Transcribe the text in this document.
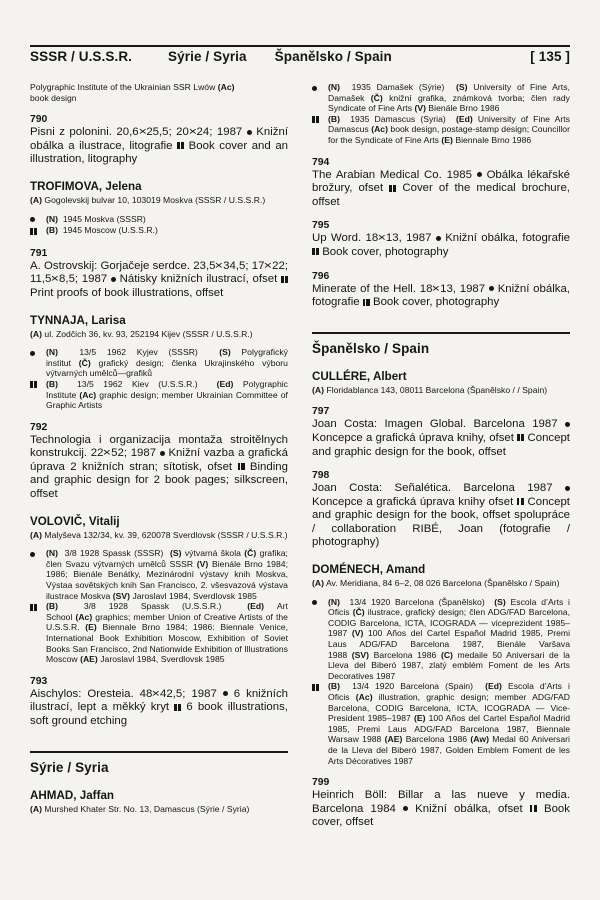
SSSR / U.S.S.R.	Sýrie / Syria Španělsko / Spain	[ 135 ]
Polygraphic Institute of the Ukrainian SSR Lwów (Ac)
book design
790
Pisni z polonini. 20,6×25,5; 20×24; 1987 Knižní obálka a ilustrace, litografie Book cover and an illustration, litography
TROFIMOVA, Jelena
(A) Gogolevskij bulvar 10, 103019 Moskva (SSSR / U.S.S.R.)
(N) 1945 Moskva (SSSR)
(B) 1945 Moscow (U.S.S.R.)
791
A. Ostrovskij: Gorjačeje serdce. 23,5×34,5; 17×22; 11,5×8,5; 1987 Nátisky knižních ilustrací, ofset  Print proofs of book illustrations, offset
TYNNAJA, Larisa
(A) ul. Zodčich 36, kv. 93, 252194 Kijev (SSSR / U.S.S.R.)
(N) 13/5 1962 Kyjev (SSSR) (S) Polygrafický institut (Č) grafický design; členka Ukrajinského výboru výtvarných umělců—grafiků
(B) 13/5 1962 Kiev (U.S.S.R.) (Ed) Polygraphic Institute (Ac) graphic design; member Ukrainian Committee of Graphic Artists
792
Technologia i organizacija montaža stroitělnych konstrukcij. 22×52; 1987 Knižní vazba a grafická úprava 2 knižních stran; sítotisk, ofset Binding and graphic design for 2 book pages; silkscreen, offset
VOLOVIČ, Vitalij
(A) Malyševa 132/34, kv. 39, 620078 Sverdlovsk (SSSR / U.S.S.R.)
(N) 3/8 1928 Spassk (SSSR) (S) výtvarná škola (Č) grafika; člen Svazu výtvarných umělců SSSR (V) Bienále Brno 1984; 1986; Bienále Benátky, Mezinárodní výstavy knih Moskva, Výstaa sovětských knih San Francisco, 2. všesvazová výstava ilustrace Moskva (SV) Jaroslavl 1984, Sverdlovsk 1985
(B)	3/8 1928 Spassk (U.S.S.R.)	(Ed) Art School (Ac) graphics; member Union of Creative Artists of the U.S.S.R. (E) Biennale Brno 1984; 1986: Biennale Venice, International Book Exhibition Moscow, Exhibition of Soviet Books San Francisco, 2nd Nationwide Exhibition of Illustrations Moscow (AE) Jaroslavl 1984, Sverdlovsk 1985
793
Aischylos: Oresteia. 48×42,5; 1987 6 knižních ilustrací, lept a měkký kryt 6 book illustrations, soft ground etching
Sýrie / Syria
AHMAD, Jaffan
(A) Murshed Khater Str. No. 13, Damascus (Sýrie / Syria)
(N) 1935 Damašek (Sýrie) (S) University of Fine Arts, Damašek (Č) knižní grafika, známková tvorba; člen rady Syndicate of Fine Arts (V) Bienále Brno 1986
(B) 1935 Damascus (Syria) (Ed) University of Fine Arts Damascus (Ac) book design, postage-stamp design; Councillor for the Syndicate of Fine Arts (E) Biennale Brno 1986
794
The Arabian Medical Co. 1985 Obálka lékařské brožury, ofset Cover of the medical brochure, offset
795
Up Word. 18×13, 1987 Knižní obálka, fotografie  Book cover, photography
796
Minerate of the Hell. 18×13, 1987 Knižní obálka, fotografie Book cover, photography
Španělsko / Spain
CULLÉRE, Albert
(A) Floridablanca 143, 08011 Barcelona (Španělsko / / Spain)
797
Joan Costa: Imagen Global. Barcelona 1987  Koncepce a grafická úprava knihy, ofset Concept and graphic design for the book, offset
798
Joan Costa: Señalética. Barcelona 1987  Koncepce a grafická úprava knihy ofset Concept and graphic design for the book, offset spolupráce / collaboration RIBÉ, Joan (fotografie / photography)
DOMÉNECH, Amand
(A) Av. Meridiana, 84 6–2, 08 026 Barcelona (Španělsko / Spain)
(N) 13/4 1920 Barcelona (Španělsko) (S) Escola d’Arts i Oficis (Č) ilustrace, grafický design; člen ADG/FAD Barcelona, CODIG Barcelona, ICTA, ICOGRADA — viceprezident 1985–1987 (V) 100 Años del Cartel Español Madrid 1985, Premi Laus ADG/FAD Barcelona 1987, Bienále Varšava 1988 (SV) Barcelona 1986 (C) medaile 50 Aniversari de la Lleva del Biberó 1987, zlatý emblém Foment de les Arts Decoratives 1987
(B) 13/4 1920 Barcelona (Spain) (Ed) Escola d’Arts i Oficis (Ac) illustration, graphic design; member ADG/FAD Barcelona, CODIG Barcelona, ICTA, ICOGRADA — Vice-President 1985–1987 (E) 100 Años del Cartel Español Madrid 1985, Premi Laus ADG/FAD Barcelona 1987, Biennale Warsaw 1988 (AE) Barcelona 1986 (Aw) Medal 60 Aniversari de la Lleva del Biberó 1987, Golden Emblem Foment de les Arts Décoratives 1987
799
Heinrich Böll: Billar a las nueve y media. Barcelona 1984 Knižní obálka, ofset Book cover, offset
